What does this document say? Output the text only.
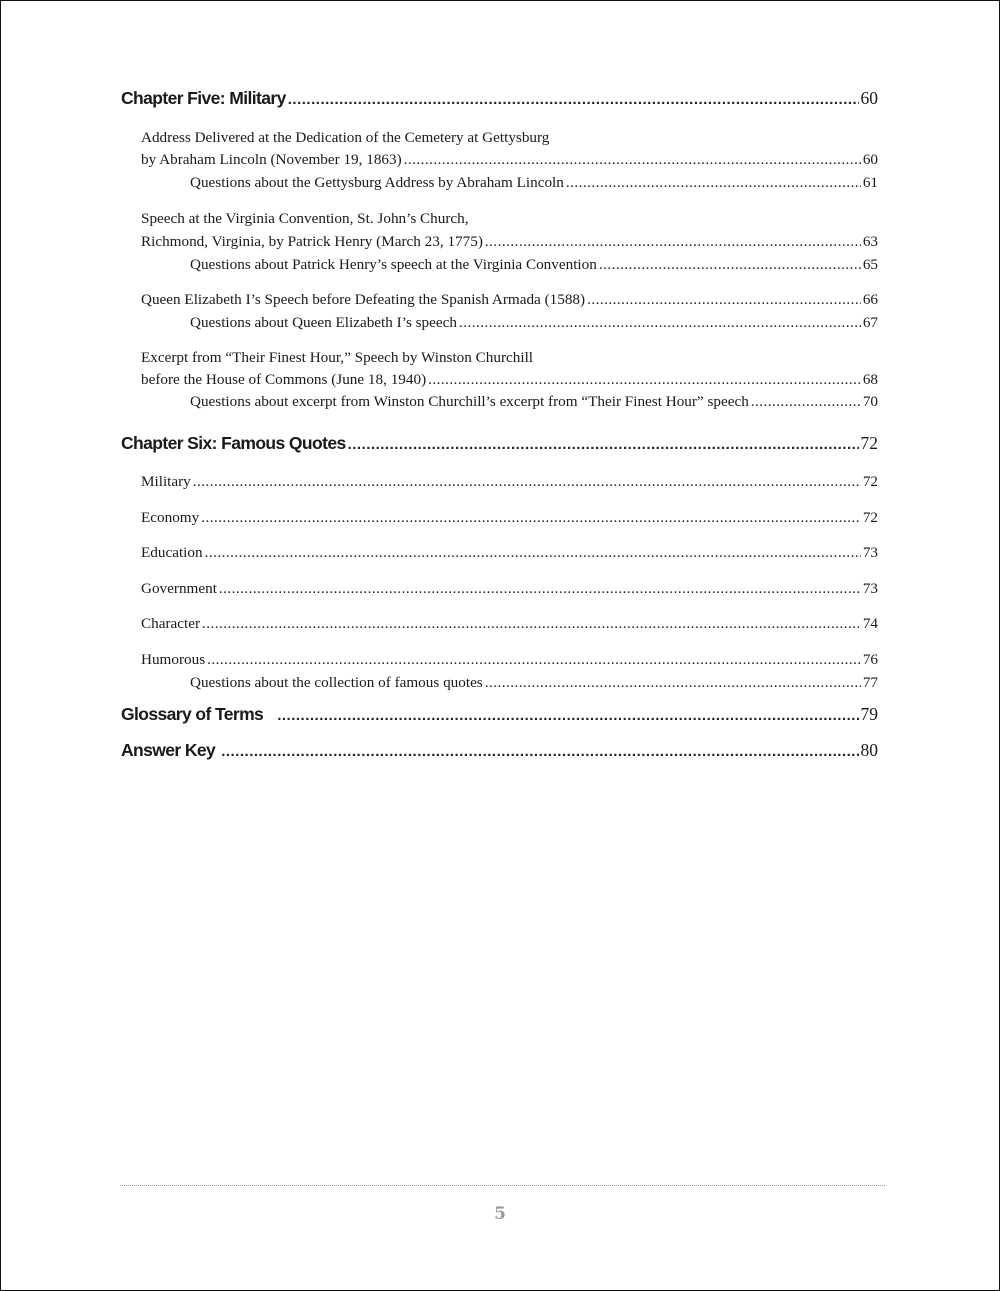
Chapter Five: Military .....	60
Address Delivered at the Dedication of the Cemetery at Gettysburg
by Abraham Lincoln (November 19, 1863) .....	60
Questions about the Gettysburg Address by Abraham Lincoln .....	61
Speech at the Virginia Convention, St. John’s Church,
Richmond, Virginia, by Patrick Henry (March 23, 1775) .....	63
Questions about Patrick Henry’s speech at the Virginia Convention .....	65
Queen Elizabeth I’s Speech before Defeating the Spanish Armada (1588) .....	66
Questions about Queen Elizabeth I’s speech .....	67
Excerpt from “Their Finest Hour,” Speech by Winston Churchill
before the House of Commons (June 18, 1940) .....	68
Questions about excerpt from Winston Churchill’s excerpt from “Their Finest Hour” speech .....	70
Chapter Six: Famous Quotes .....	72
Military .....	72
Economy .....	72
Education .....	73
Government .....	73
Character .....	74
Humorous .....	76
Questions about the collection of famous quotes .....	77
Glossary of Terms .....	79
Answer Key .....	80
5
